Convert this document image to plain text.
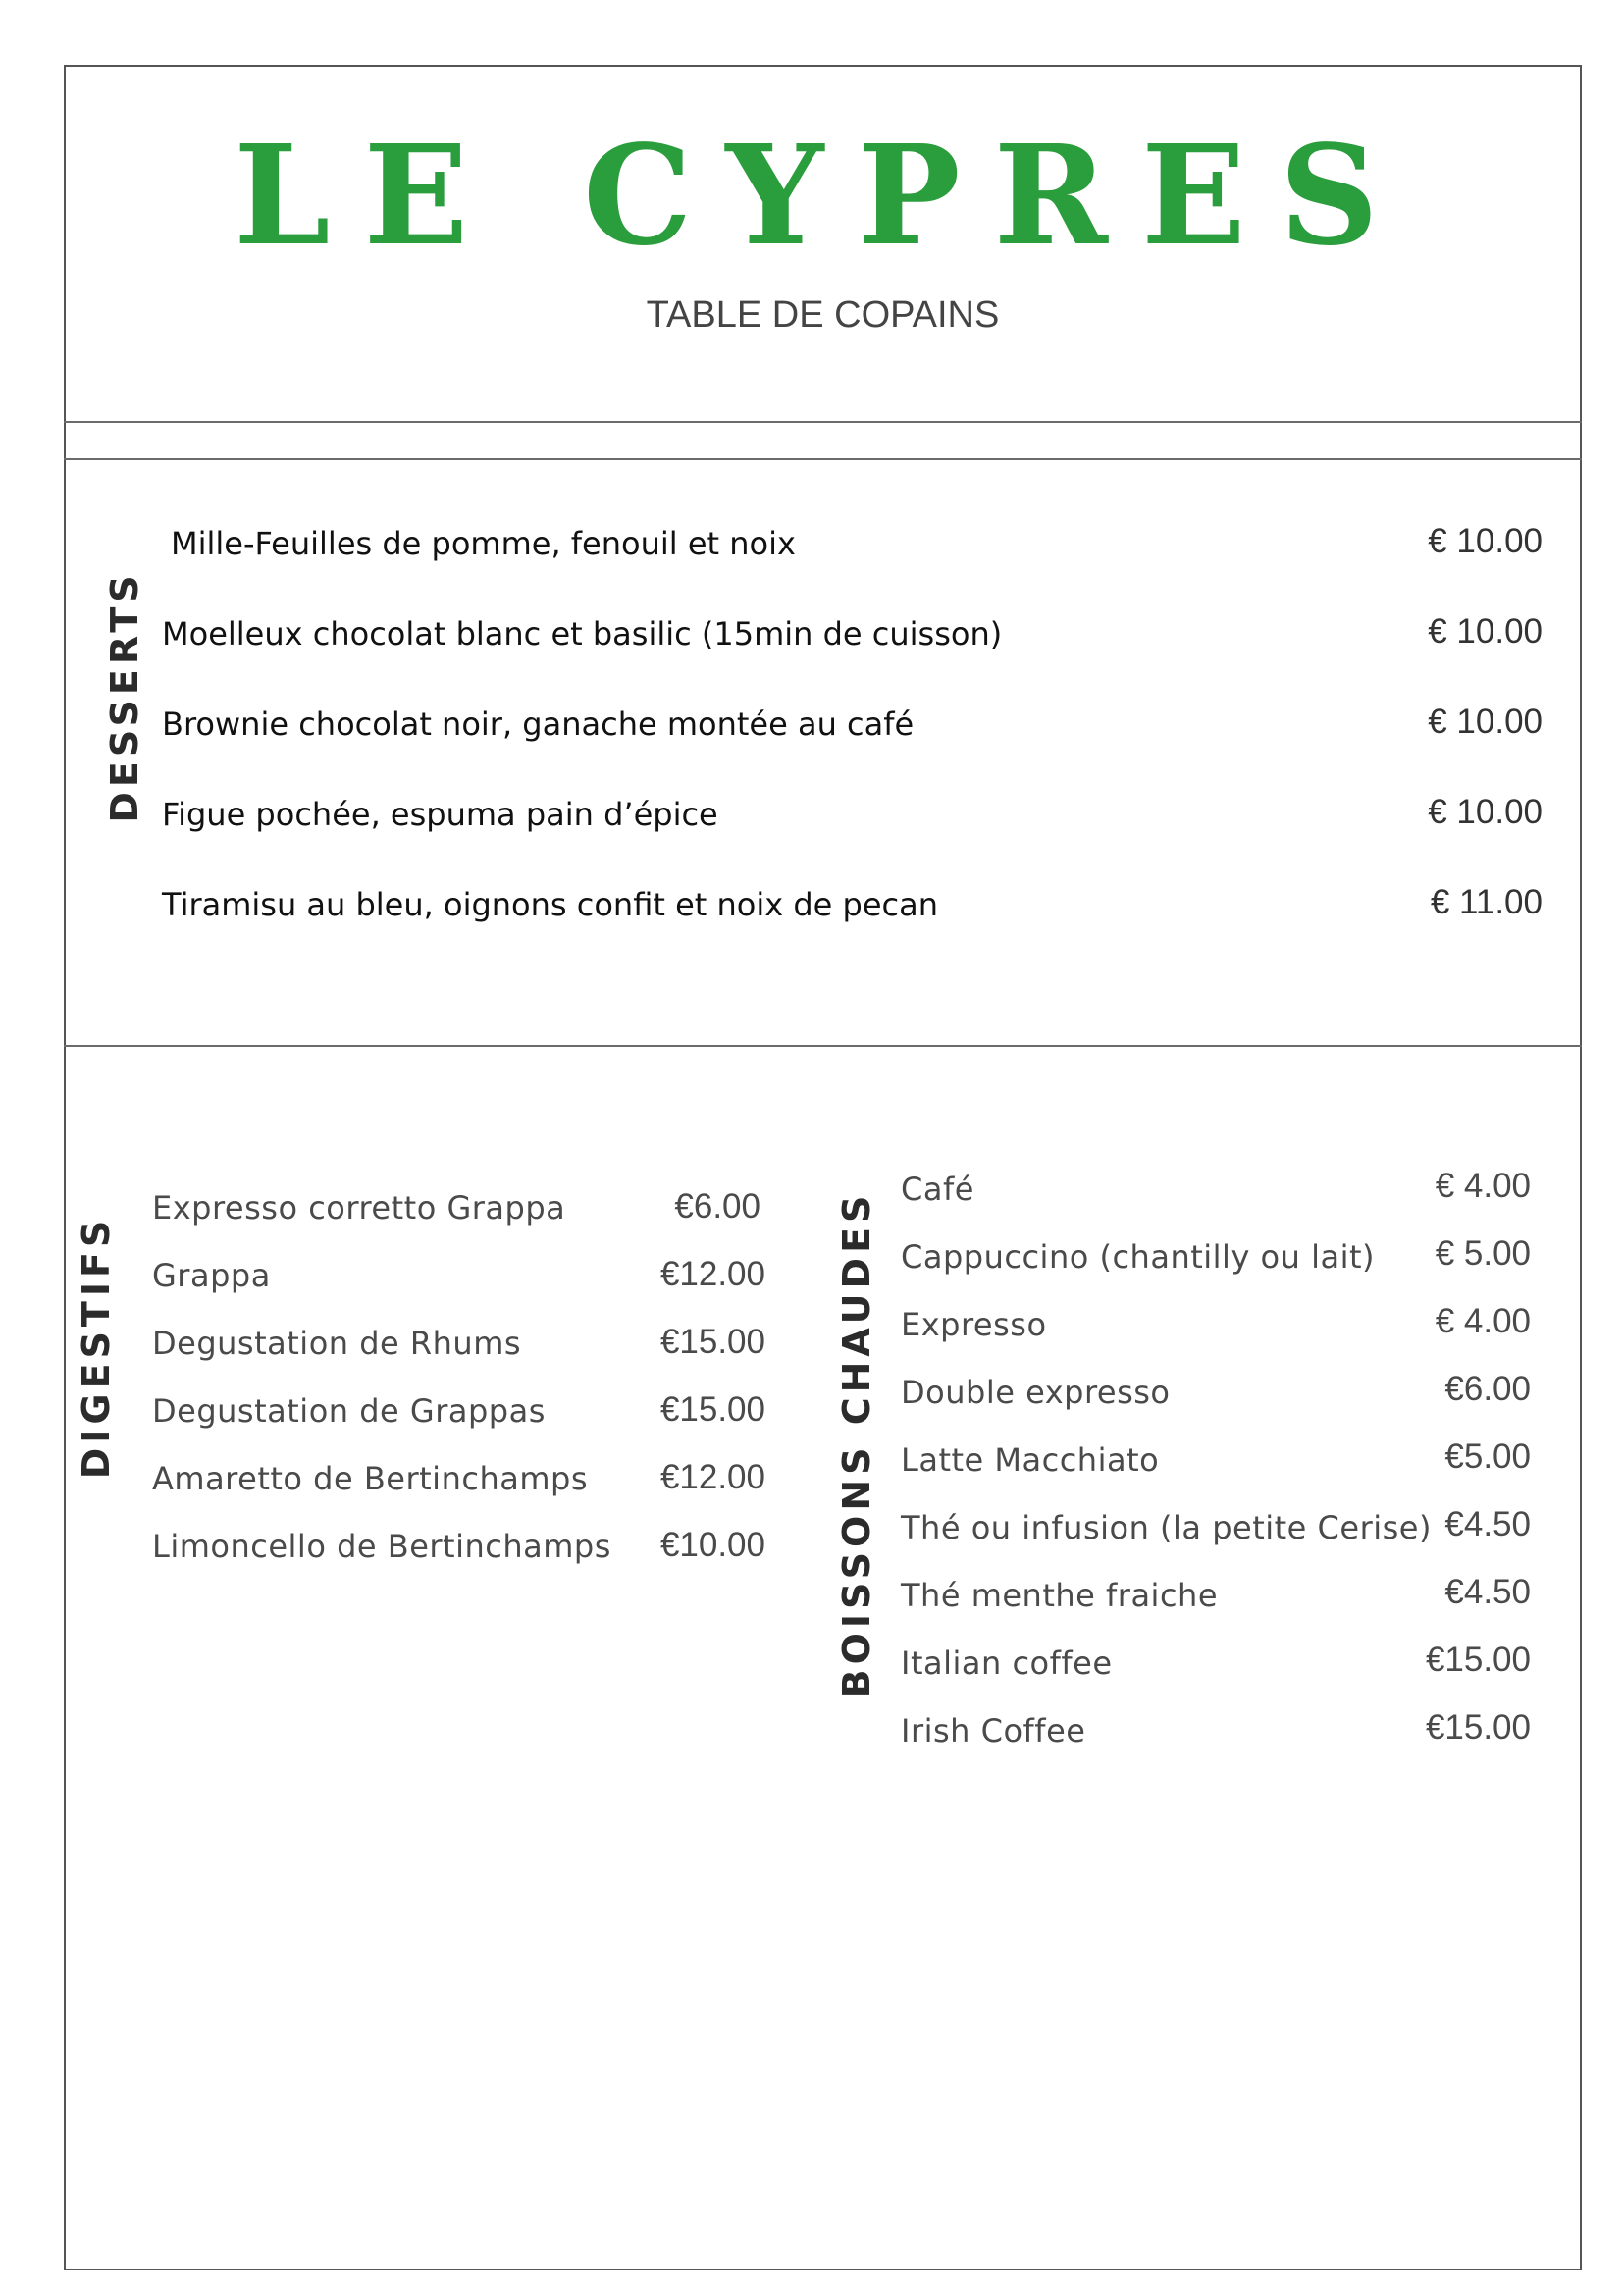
LE CYPRES
TABLE DE COPAINS
DESSERTS
Mille-Feuilles de pomme, fenouil et noix	€ 10.00
Moelleux chocolat blanc et basilic (15min de cuisson)	€ 10.00
Brownie chocolat noir, ganache montée au café	€ 10.00
Figue pochée, espuma pain d’épice	€ 10.00
Tiramisu au bleu, oignons confit et noix de pecan	€ 11.00
DIGESTIFS
Expresso corretto Grappa	€6.00
Grappa	€12.00
Degustation de Rhums	€15.00
Degustation de Grappas	€15.00
Amaretto de Bertinchamps	€12.00
Limoncello de Bertinchamps	€10.00 BOISSONS CHAUDES
Café	€ 4.00
Cappuccino (chantilly ou lait)	€ 5.00
Expresso	€ 4.00
Double expresso	€6.00
Latte Macchiato	€5.00
Thé ou infusion (la petite Cerise) €4.50
Thé menthe fraiche	€4.50
Italian coffee	€15.00
Irish Coffee	€15.00
